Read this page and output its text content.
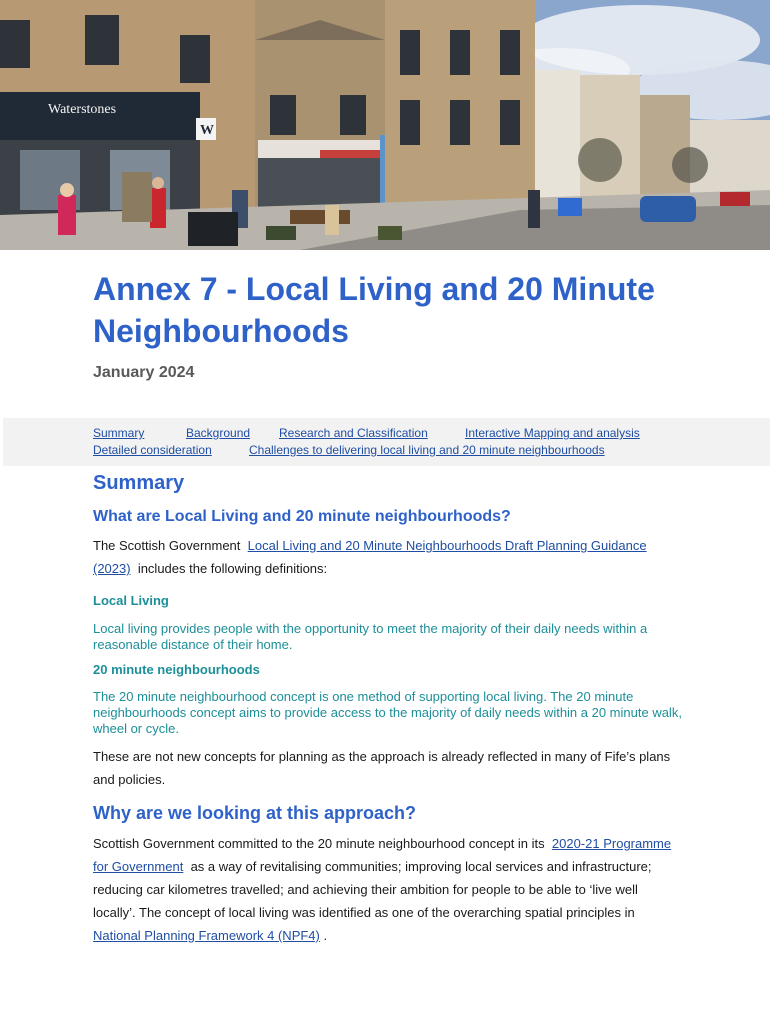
Waterstones
W
Annex 7 - Local Living and 20 Minute Neighbourhoods

January 2024

Summary	Background Research and Classification	Interactive Mapping and analysis
Detailed consideration	Challenges to delivering local living and 20 minute neighbourhoods
Summary
What are Local Living and 20 minute neighbourhoods?

The Scottish Government Local Living and 20 Minute Neighbourhoods Draft Planning Guidance (2023) includes the following definitions:

Local Living

Local living provides people with the opportunity to meet the majority of their daily needs within a reasonable distance of their home.

20 minute neighbourhoods

The 20 minute neighbourhood concept is one method of supporting local living. The 20 minute neighbourhoods concept aims to provide access to the majority of daily needs within a 20 minute walk, wheel or cycle.

These are not new concepts for planning as the approach is already reflected in many of Fife’s plans and policies.

Why are we looking at this approach?

Scottish Government committed to the 20 minute neighbourhood concept in its 2020-21 Programme for Government as a way of revitalising communities; improving local services and infrastructure; reducing car kilometres travelled; and achieving their ambition for people to be able to ‘live well locally’. The concept of local living was identified as one of the overarching spatial principles in  National Planning Framework 4 (NPF4) .
